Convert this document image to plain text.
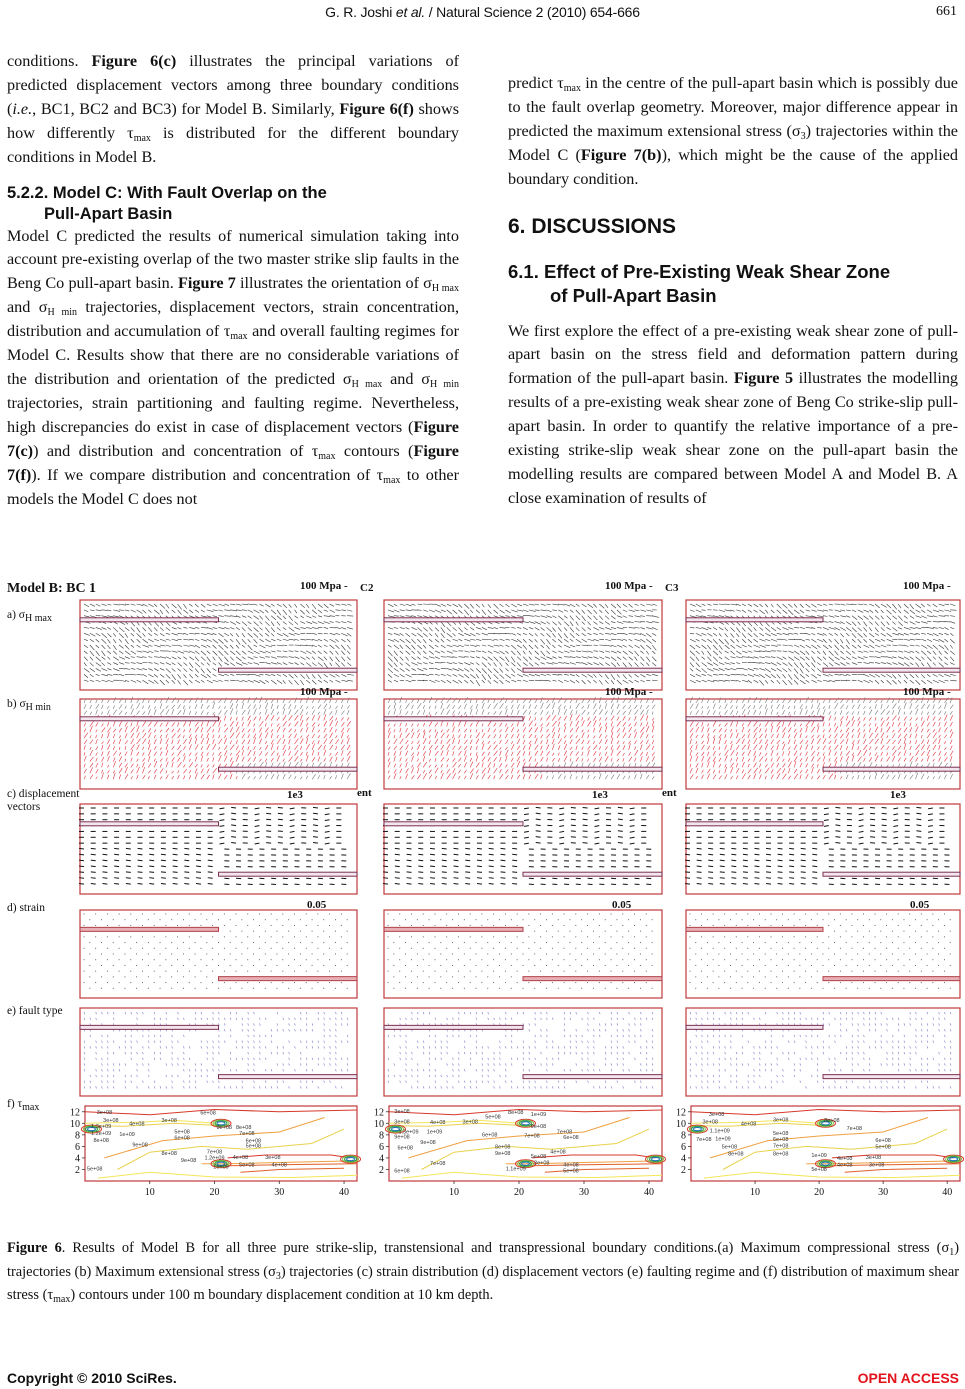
G. R. Joshi et al. / Natural Science 2 (2010) 654-666	661

conditions. Figure 6(c) illustrates the principal variations of predicted displacement vectors among three boundary conditions (i.e., BC1, BC2 and BC3) for Model B. Similarly, Figure 6(f) shows how differently $\tau_{max}$ is distributed for the different boundary conditions in Model B.

5.2.2. Model C: With Fault Overlap on the
Pull-Apart Basin

Model C predicted the results of numerical simulation taking into account pre-existing overlap of the two master strike slip faults in the Beng Co pull-apart basin. Figure 7 illustrates the orientation of $\sigma_{H max}$ and $\sigma_{H min}$ trajectories, displacement vectors, strain concentration, distribution and accumulation of $\tau_{max}$ and overall faulting regimes for Model C. Results show that there are no considerable variations of the distribution and orientation of the predicted $\sigma_{H max}$ and $\sigma_{H min}$ trajectories, strain partitioning and faulting regime. Nevertheless, high discrepancies do exist in case of displacement vectors (Figure 7(c)) and distribution and concentration of $\tau_{max}$ contours (Figure 7(f)). If we compare distribution and concentration of $\tau_{max}$ to other models the Model C does not

predict $\tau_{max}$ in the centre of the pull-apart basin which is possibly due to the fault overlap geometry. Moreover, major difference appear in predicted the maximum extensional stress $(\sigma_3)$ trajectories within the Model C (Figure 7(b)), which might be the cause of the applied boundary condition.

6. DISCUSSIONS
6.1. Effect of Pre-Existing Weak Shear Zone
of Pull-Apart Basin

We first explore the effect of a pre-existing weak shear zone of pull-apart basin on the stress field and deformation pattern during formation of the pull-apart basin. Figure 5 illustrates the modelling results of a pre-existing weak shear zone of Beng Co strike-slip pull-apart basin. In order to quantify the relative importance of a pre-existing strike-slip weak shear zone on the pull-apart basin the modelling results are compared between Model A and Model B. A close examination of results of

3e+08
3e+08
4e+08
1.3e+09
1.2e+09 1e+09
8e+08
9e+08
3e+08
6e+08
9e+08 8e+08
5e+08
6e+08
7e+08
6e+08
5e+08
8e+08	7e+08
1.2e+09
9e+08
1e+09
4e+08	3e+08
5e+08	4e+08
5e+08
10	20	30	40
2
4
6
8
10
12	3e+08
3e+08	4e+08	3e+08
5e+08
8e+08 1e+09
9e+08
1.3e+09 1e+09
9e+08
9e+08
6e+08
6e+08	7e+08
7e+08
6e+08
8e+08
9e+08	5e+08
4e+08
3e+08	4e+08
5e+08
1.1e+09
7e+08
6e+08
10	20	30	40
2
4
6
8
10
12	3e+08
3e+08	4e+08
3e+08	8e+08
7e+08
1.1e+09
1e+09
7e+08
5e+08
5e+08
6e+08
7e+08
8e+08	8e+08	1e+09
6e+08
5e+08
4e+08 3e+08
4e+08	3e+08
5e+08
10	20	30	40
2
4
6
8
10
12
Model B: BC 1
a) $\sigma_{H max}$
b) $\sigma_{H min}$
c) displacement
vectors
d) strain
e) fault type
f) $\tau_{max}$
100 Mpa -
100 Mpa -
1e3	ent
0.05
C2	100 Mpa -
100 Mpa -
1e3	ent
0.05
C3	100 Mpa -
100 Mpa -
1e3
0.05
Figure 6. Results of Model B for all three pure strike-slip, transtensional and transpressional boundary conditions.(a) Maximum compressional stress $(\sigma_1)$ trajectories (b) Maximum extensional stress $(\sigma_3)$ trajectories (c) strain distribution (d) displacement vectors (e) faulting regime and (f) distribution of maximum shear stress $(\tau_{max})$ contours under 100 m boundary displacement condition at 10 km depth.
Copyright © 2010 SciRes.	OPEN ACCESS
